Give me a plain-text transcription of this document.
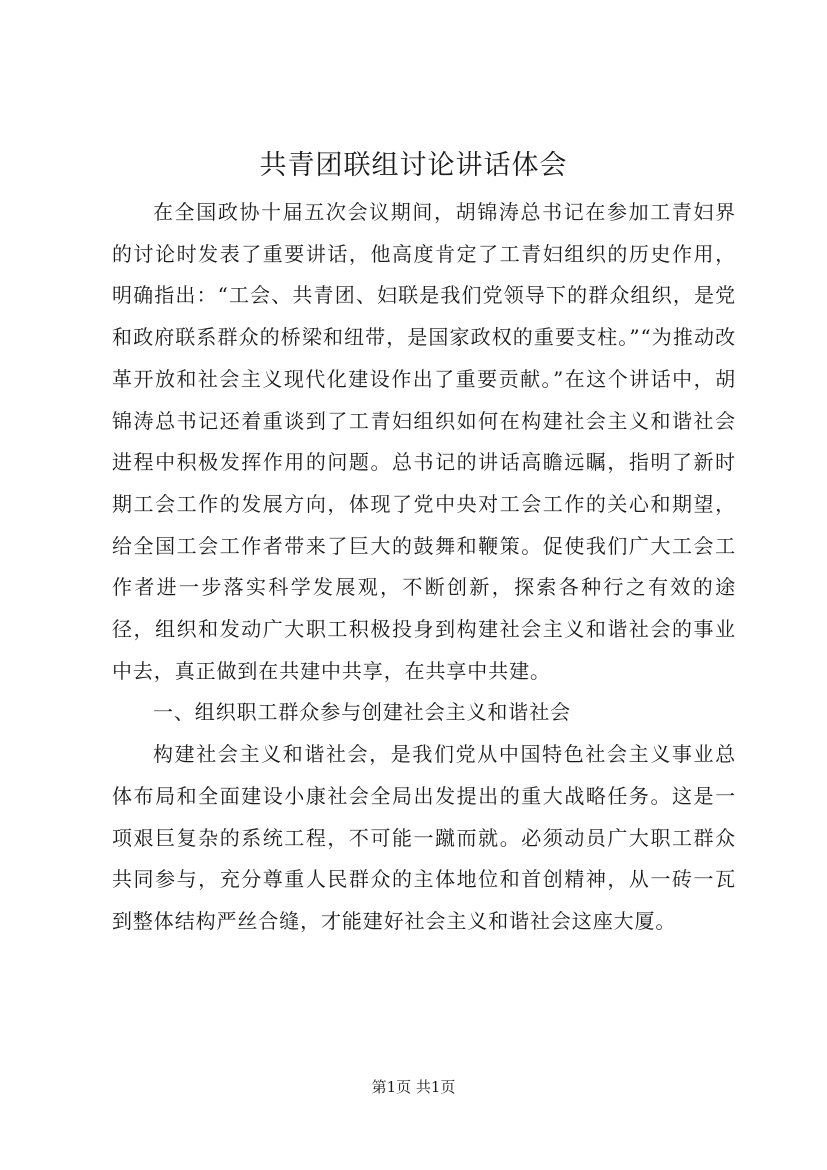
共青团联组讨论讲话体会

在全国政协十届五次会议期间，胡锦涛总书记在参加工青妇界的讨论时发表了重要讲话，他高度肯定了工青妇组织的历史作用，明确指出：“工会、共青团、妇联是我们党领导下的群众组织，是党和政府联系群众的桥梁和纽带，是国家政权的重要支柱。”“为推动改革开放和社会主义现代化建设作出了重要贡献。”在这个讲话中，胡锦涛总书记还着重谈到了工青妇组织如何在构建社会主义和谐社会进程中积极发挥作用的问题。总书记的讲话高瞻远瞩，指明了新时期工会工作的发展方向，体现了党中央对工会工作的关心和期望，给全国工会工作者带来了巨大的鼓舞和鞭策。促使我们广大工会工作者进一步落实科学发展观，不断创新，探索各种行之有效的途径，组织和发动广大职工积极投身到构建社会主义和谐社会的事业中去，真正做到在共建中共享，在共享中共建。

一、组织职工群众参与创建社会主义和谐社会

构建社会主义和谐社会，是我们党从中国特色社会主义事业总体布局和全面建设小康社会全局出发提出的重大战略任务。这是一项艰巨复杂的系统工程，不可能一蹴而就。必须动员广大职工群众共同参与，充分尊重人民群众的主体地位和首创精神，从一砖一瓦到整体结构严丝合缝，才能建好社会主义和谐社会这座大厦。

第1页 共1页
